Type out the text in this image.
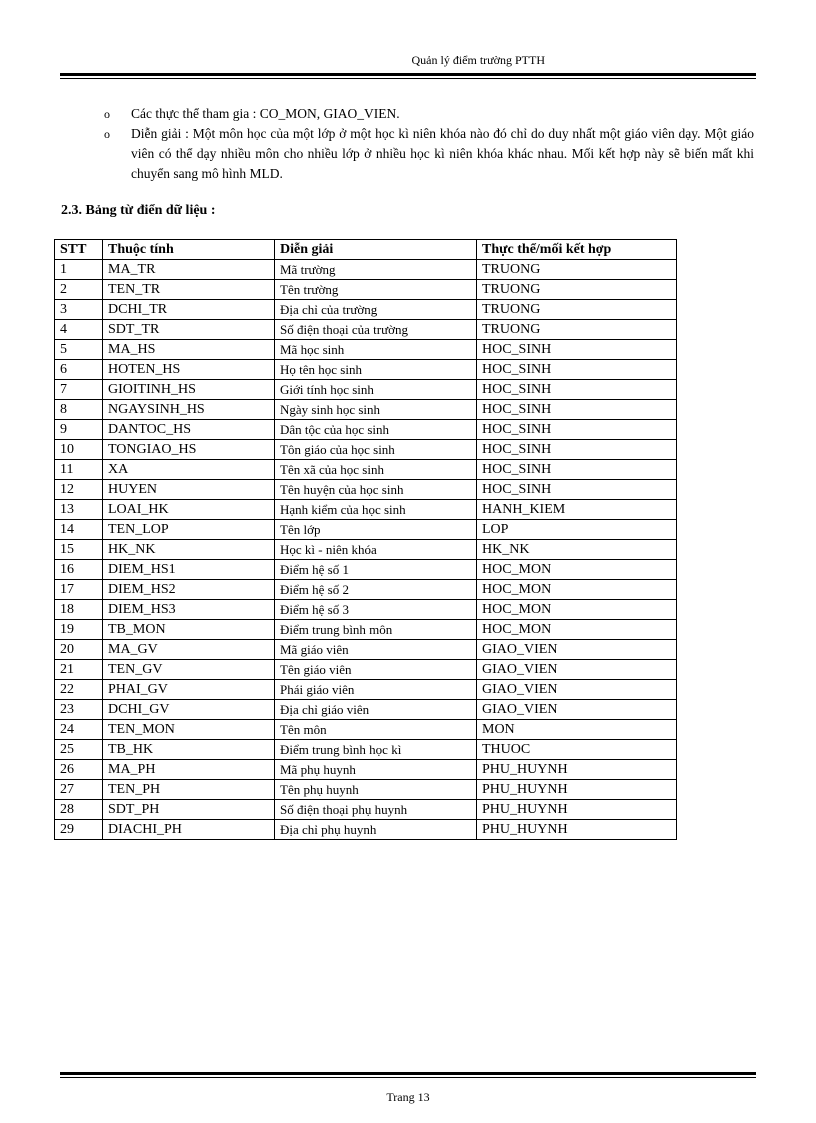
Quản lý điểm trường PTTH
o Các thực thể tham gia : CO_MON, GIAO_VIEN.
o Diễn giải : Một môn học của một lớp ở một học kì niên khóa nào đó chỉ do duy nhất một giáo viên dạy. Một giáo viên có thể dạy nhiều môn cho nhiều lớp ở nhiều học kì niên khóa khác nhau. Mối kết hợp này sẽ biến mất khi chuyển sang mô hình MLD.
2.3. Bảng từ điển dữ liệu :
STT	Thuộc tính	Diễn giải	Thực thể/mối kết hợp
1	MA_TR	Mã trường	TRUONG
2	TEN_TR	Tên trường	TRUONG
3	DCHI_TR	Địa chỉ của trường	TRUONG
4	SDT_TR	Số điện thoại của trường	TRUONG
5	MA_HS	Mã học sinh	HOC_SINH
6	HOTEN_HS	Họ tên học sinh	HOC_SINH
7	GIOITINH_HS	Giới tính học sinh	HOC_SINH
8	NGAYSINH_HS	Ngày sinh học sinh	HOC_SINH
9	DANTOC_HS	Dân tộc của học sinh	HOC_SINH
10	TONGIAO_HS	Tôn giáo của học sinh	HOC_SINH
11	XA	Tên xã của học sinh	HOC_SINH
12	HUYEN	Tên huyện của học sinh	HOC_SINH
13	LOAI_HK	Hạnh kiểm của học sinh	HANH_KIEM
14	TEN_LOP	Tên lớp	LOP
15	HK_NK	Học kì - niên khóa	HK_NK
16	DIEM_HS1	Điểm hệ số 1	HOC_MON
17	DIEM_HS2	Điểm hệ số 2	HOC_MON
18	DIEM_HS3	Điểm hệ số 3	HOC_MON
19	TB_MON	Điểm trung bình môn	HOC_MON
20	MA_GV	Mã giáo viên	GIAO_VIEN
21	TEN_GV	Tên giáo viên	GIAO_VIEN
22	PHAI_GV	Phái giáo viên	GIAO_VIEN
23	DCHI_GV	Địa chỉ giáo viên	GIAO_VIEN
24	TEN_MON	Tên môn	MON
25	TB_HK	Điểm trung bình học kì	THUOC
26	MA_PH	Mã phụ huynh	PHU_HUYNH
27	TEN_PH	Tên phụ huynh	PHU_HUYNH
28	SDT_PH	Số điện thoại phụ huynh	PHU_HUYNH
29	DIACHI_PH	Địa chỉ phụ huynh	PHU_HUYNH
Trang 13
